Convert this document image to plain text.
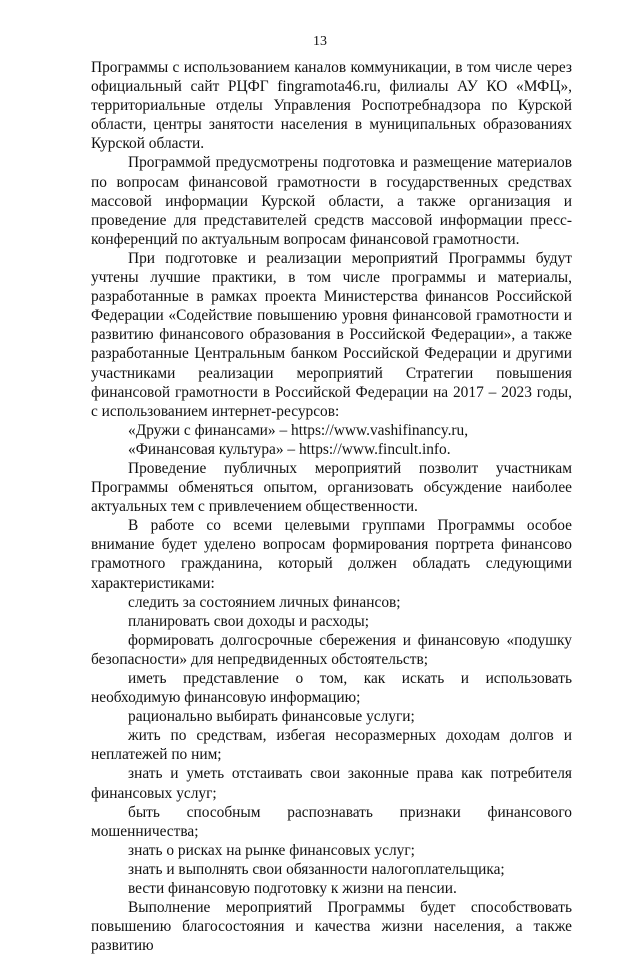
13

Программы с использованием каналов коммуникации, в том числе через официальный сайт РЦФГ fingramota46.ru, филиалы АУ КО «МФЦ», территориальные отделы Управления Роспотребнадзора по Курской области, центры занятости населения в муниципальных образованиях Курской области.

Программой предусмотрены подготовка и размещение материалов по вопросам финансовой грамотности в государственных средствах массовой информации Курской области, а также организация и проведение для представителей средств массовой информации пресс-конференций по актуальным вопросам финансовой грамотности.

При подготовке и реализации мероприятий Программы будут учтены лучшие практики, в том числе программы и материалы, разработанные в рамках проекта Министерства финансов Российской Федерации «Содействие повышению уровня финансовой грамотности и развитию финансового образования в Российской Федерации», а также разработанные Центральным банком Российской Федерации и другими участниками реализации мероприятий Стратегии повышения финансовой грамотности в Российской Федерации на 2017 – 2023 годы, с использованием интернет-ресурсов:

«Дружи с финансами» – https://www.vashifinancy.ru,

«Финансовая культура» – https://www.fincult.info.

Проведение публичных мероприятий позволит участникам Программы обменяться опытом, организовать обсуждение наиболее актуальных тем с привлечением общественности.

В работе со всеми целевыми группами Программы особое внимание будет уделено вопросам формирования портрета финансово грамотного гражданина, который должен обладать следующими характеристиками:

следить за состоянием личных финансов;

планировать свои доходы и расходы;

формировать долгосрочные сбережения и финансовую «подушку безопасности» для непредвиденных обстоятельств;

иметь представление о том, как искать и использовать необходимую финансовую информацию;

рационально выбирать финансовые услуги;

жить по средствам, избегая несоразмерных доходам долгов и неплатежей по ним;

знать и уметь отстаивать свои законные права как потребителя финансовых услуг;

быть способным распознавать признаки финансового мошенничества;

знать о рисках на рынке финансовых услуг;

знать и выполнять свои обязанности налогоплательщика;

вести финансовую подготовку к жизни на пенсии.

Выполнение мероприятий Программы будет способствовать повышению благосостояния и качества жизни населения, а также развитию
